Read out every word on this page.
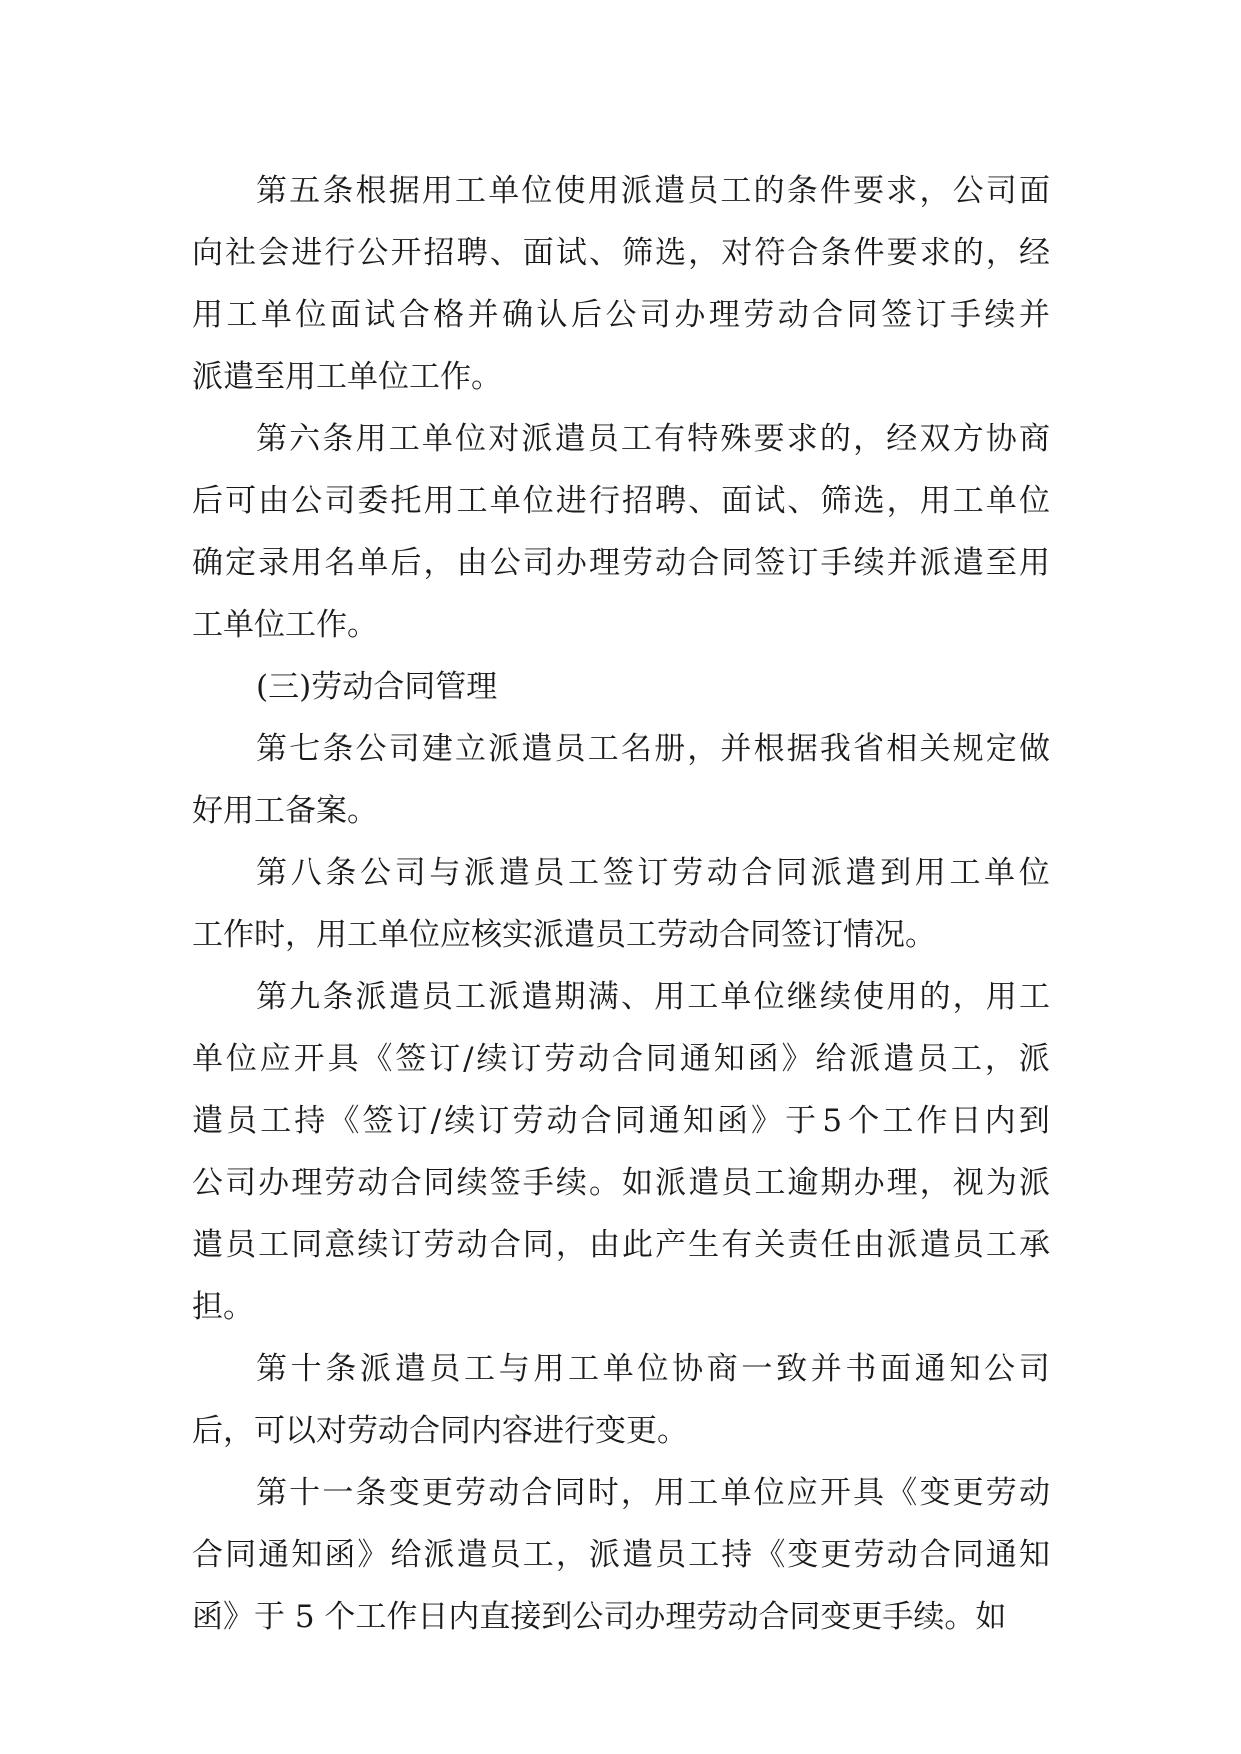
第 五 条 根 据 用 工 单 位 使 用 派 遣 员 工 的 条 件 要 求 ， 公 司 面
向 社 会 进 行 公 开 招 聘 、 面 试 、 筛 选 ， 对 符 合 条 件 要 求 的 ， 经
用 工 单 位 面 试 合 格 并 确 认 后 公 司 办 理 劳 动 合 同 签 订 手 续 并
派遣至用工单位工作。
第 六 条 用 工 单 位 对 派 遣 员 工 有 特 殊 要 求 的 ， 经 双 方 协 商
后 可 由 公 司 委 托 用 工 单 位 进 行 招 聘 、 面 试 、 筛 选 ， 用 工 单 位
确 定 录 用 名 单 后 ， 由 公 司 办 理 劳 动 合 同 签 订 手 续 并 派 遣 至 用
工单位工作。
(三)劳动合同管理
第 七 条 公 司 建 立 派 遣 员 工 名 册 ， 并 根 据 我 省 相 关 规 定 做
好用工备案。
第 八 条 公 司 与 派 遣 员 工 签 订 劳 动 合 同 派 遣 到 用 工 单 位
工作时，用工单位应核实派遣员工劳动合同签订情况。
第 九 条 派 遣 员 工 派 遣 期 满 、 用 工 单 位 继 续 使 用 的 ， 用 工
单 位 应 开 具 《 签 订 / 续 订 劳 动 合 同 通 知 函 》 给 派 遣 员 工 ， 派
遣 员 工 持 《 签 订 / 续 订 劳 动 合 同 通 知 函 》 于 5 个 工 作 日 内 到
公 司 办 理 劳 动 合 同 续 签 手 续 。 如 派 遣 员 工 逾 期 办 理 ， 视 为 派
遣 员 工 同 意 续 订 劳 动 合 同 ， 由 此 产 生 有 关 责 任 由 派 遣 员 工 承
担。
第 十 条 派 遣 员 工 与 用 工 单 位 协 商 一 致 并 书 面 通 知 公 司
后，可以对劳动合同内容进行变更。
第 十 一 条 变 更 劳 动 合 同 时 ， 用 工 单 位 应 开 具 《 变 更 劳 动
合 同 通 知 函 》 给 派 遣 员 工 ， 派 遣 员 工 持 《 变 更 劳 动 合 同 通 知
函》于 5 个工作日内直接到公司办理劳动合同变更手续。如
